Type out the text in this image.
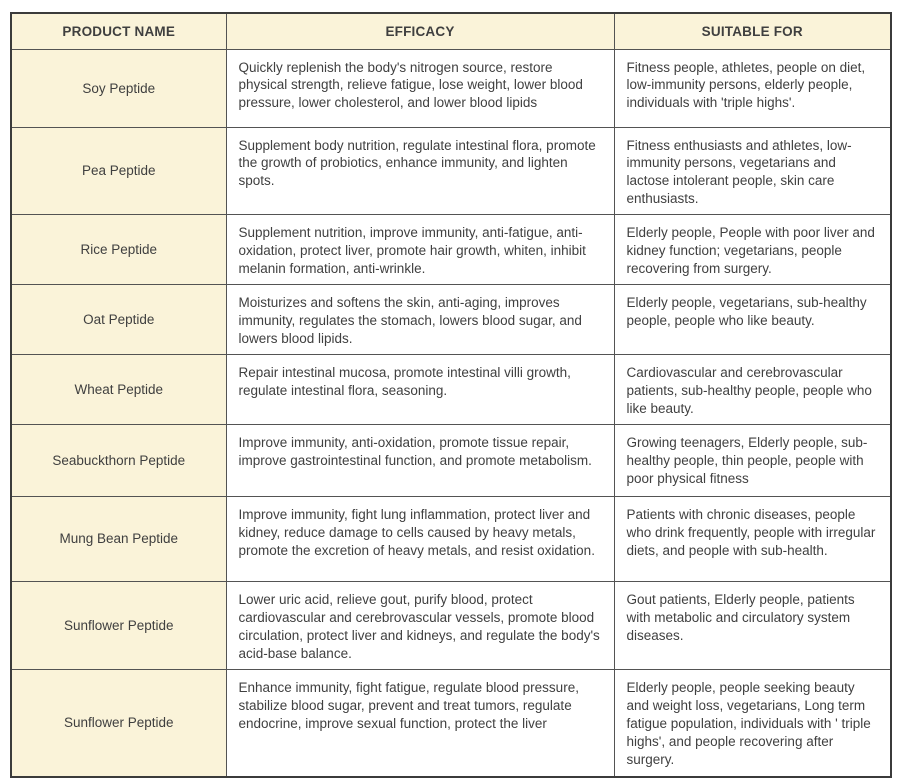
PRODUCT NAME	EFFICACY	SUITABLE FOR
Soy Peptide	Quickly replenish the body's nitrogen source, restore physical strength, relieve fatigue, lose weight, lower blood pressure, lower cholesterol, and lower blood lipids	Fitness people, athletes, people on diet, low-immunity persons, elderly people, individuals with 'triple highs'.
Pea Peptide	Supplement body nutrition, regulate intestinal flora, promote the growth of probiotics, enhance immunity, and lighten spots.	Fitness enthusiasts and athletes, low-immunity persons, vegetarians and lactose intolerant people, skin care enthusiasts.
Rice Peptide	Supplement nutrition, improve immunity, anti-fatigue, anti-oxidation, protect liver, promote hair growth, whiten, inhibit melanin formation, anti-wrinkle.	Elderly people, People with poor liver and kidney function; vegetarians, people recovering from surgery.
Oat Peptide	Moisturizes and softens the skin, anti-aging, improves immunity, regulates the stomach, lowers blood sugar, and lowers blood lipids.	Elderly people, vegetarians, sub-healthy people, people who like beauty.
Wheat Peptide	Repair intestinal mucosa, promote intestinal villi growth, regulate intestinal flora, seasoning.	Cardiovascular and cerebrovascular patients, sub-healthy people, people who like beauty.
Seabuckthorn Peptide	Improve immunity, anti-oxidation, promote tissue repair, improve gastrointestinal function, and promote metabolism.	Growing teenagers, Elderly people, sub-healthy people, thin people, people with poor physical fitness
Mung Bean Peptide	Improve immunity, fight lung inflammation, protect liver and kidney, reduce damage to cells caused by heavy metals, promote the excretion of heavy metals, and resist oxidation.	Patients with chronic diseases, people who drink frequently, people with irregular diets, and people with sub-health.
Sunflower Peptide	Lower uric acid, relieve gout, purify blood, protect cardiovascular and cerebrovascular vessels, promote blood circulation, protect liver and kidneys, and regulate the body's acid-base balance.	Gout patients, Elderly people, patients with metabolic and circulatory system diseases.
Sunflower Peptide	Enhance immunity, fight fatigue, regulate blood pressure, stabilize blood sugar, prevent and treat tumors, regulate endocrine, improve sexual function, protect the liver	Elderly people, people seeking beauty and weight loss, vegetarians, Long term fatigue population, individuals with ' triple highs', and people recovering after surgery.
